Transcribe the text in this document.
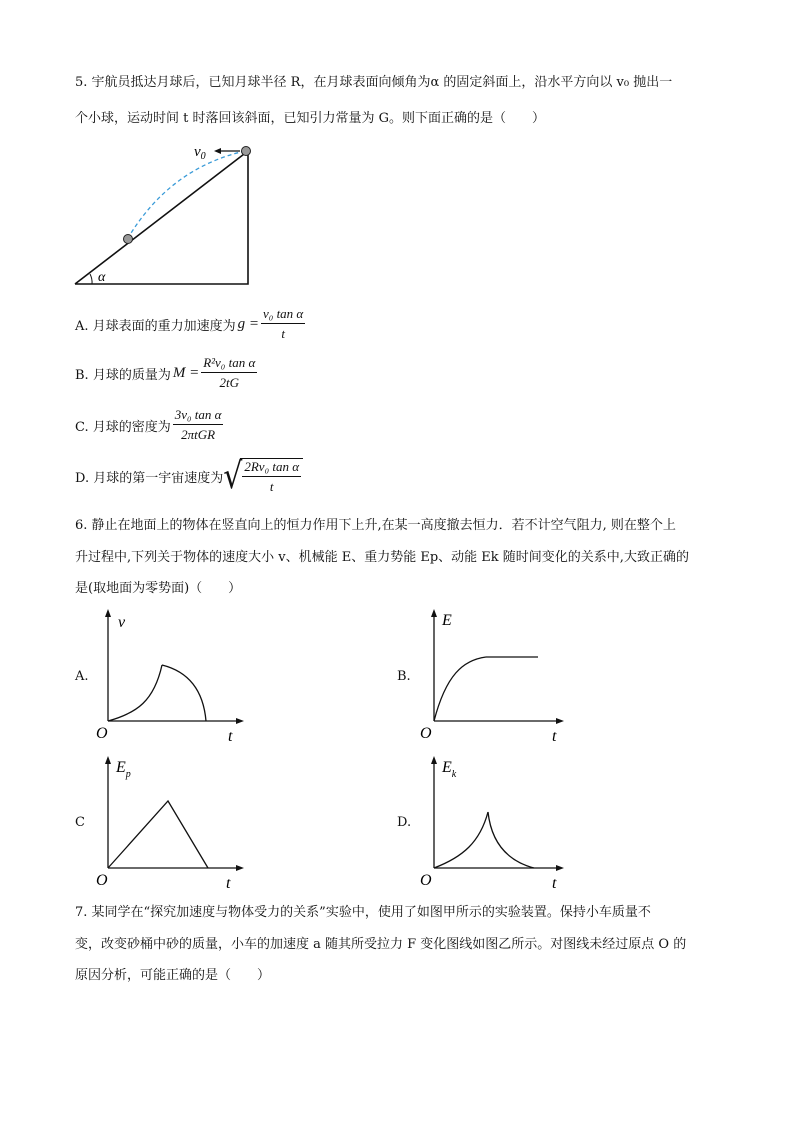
5. 宇航员抵达月球后，已知月球半径 R，在月球表面向倾角为α 的固定斜面上，沿水平方向以 v₀ 抛出一
个小球，运动时间 t 时落回该斜面，已知引力常量为 G。则下面正确的是（　　）
$v_0$
α
A. 月球表面的重力加速度为 $g = \frac{\text{v₀ tan α}}{t}$
B. 月球的质量为 $M = \frac{\text{R²v₀ tan α}}{2tG}$
C. 月球的密度为 $\frac{\text{3v₀ tan α}}{\text{2πtGR}}$
D. 月球的第一宇宙速度为 √ $\frac{\text{2Rv₀ tan α}}{t}$
6. 静止在地面上的物体在竖直向上的恒力作用下上升,在某一高度撤去恒力．若不计空气阻力, 则在整个上
升过程中,下列关于物体的速度大小 v、机械能 E、重力势能 Ep、动能 Ek 随时间变化的关系中,大致正确的
是(取地面为零势面)（　　）
A.
v
O	t
B.
E
O	t
C
$E_p$
O	t
D.
$E_k$
O	t
7. 某同学在“探究加速度与物体受力的关系”实验中，使用了如图甲所示的实验装置。保持小车质量不
变，改变砂桶中砂的质量，小车的加速度 a 随其所受拉力 F 变化图线如图乙所示。对图线未经过原点 O 的
原因分析，可能正确的是（　　）
